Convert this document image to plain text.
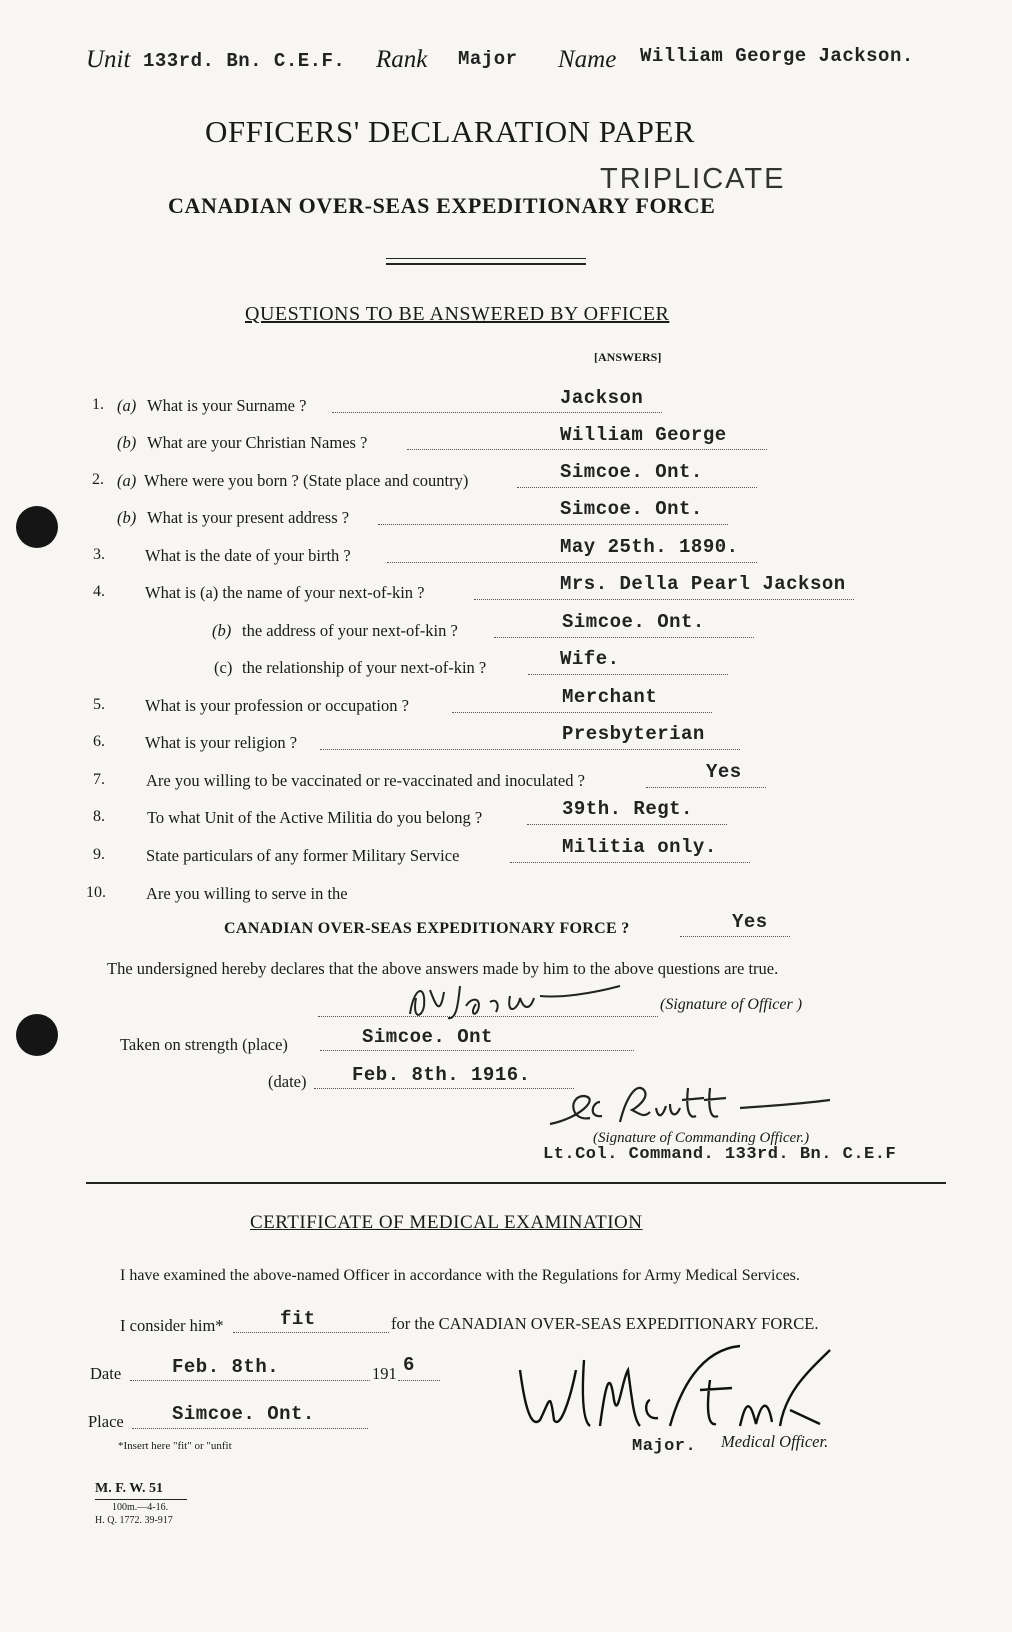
Unit 133rd. Bn. C.E.F. Rank Major Name William George Jackson.
OFFICERS' DECLARATION PAPER
TRIPLICATE
CANADIAN OVER-SEAS EXPEDITIONARY FORCE
QUESTIONS TO BE ANSWERED BY OFFICER
[ANSWERS]
1. (a) What is your Surname ?	Jackson
(b) What are your Christian Names ?	William George
2. (a) Where were you born ? (State place and country)	Simcoe. Ont.
(b) What is your present address ?	Simcoe. Ont.
3. What is the date of your birth ?	May 25th. 1890.
4. What is (a) the name of your next-of-kin ?	Mrs. Della Pearl Jackson
(b) the address of your next-of-kin ?	Simcoe. Ont.
(c) the relationship of your next-of-kin ?	Wife.
5. What is your profession or occupation ?	Merchant
6. What is your religion ?	Presbyterian
7. Are you willing to be vaccinated or re-vaccinated and inoculated ?	Yes
8.	To what Unit of the Active Militia do you belong ?	39th. Regt.
9. State particulars of any former Military Service	Militia only.
10. Are you willing to serve in the
CANADIAN OVER-SEAS EXPEDITIONARY FORCE ?	Yes
The undersigned hereby declares that the above answers made by him to the above questions are true.
(Signature of Officer )
Taken on strength (place)	Simcoe. Ont
(date) Feb. 8th. 1916.
(Signature of Commanding Officer.)
Lt.Col. Command. 133rd. Bn. C.E.F
CERTIFICATE OF MEDICAL EXAMINATION
I have examined the above-named Officer in accordance with the Regulations for Army Medical Services.
I consider him*	fit	for the CANADIAN OVER-SEAS EXPEDITIONARY FORCE.
Date	Feb. 8th.	191 6
Place	Simcoe. Ont.
*Insert here "fit" or "unfit	Major. Medical Officer.
M. F. W. 51
100m.—4-16.
H. Q. 1772. 39-917
